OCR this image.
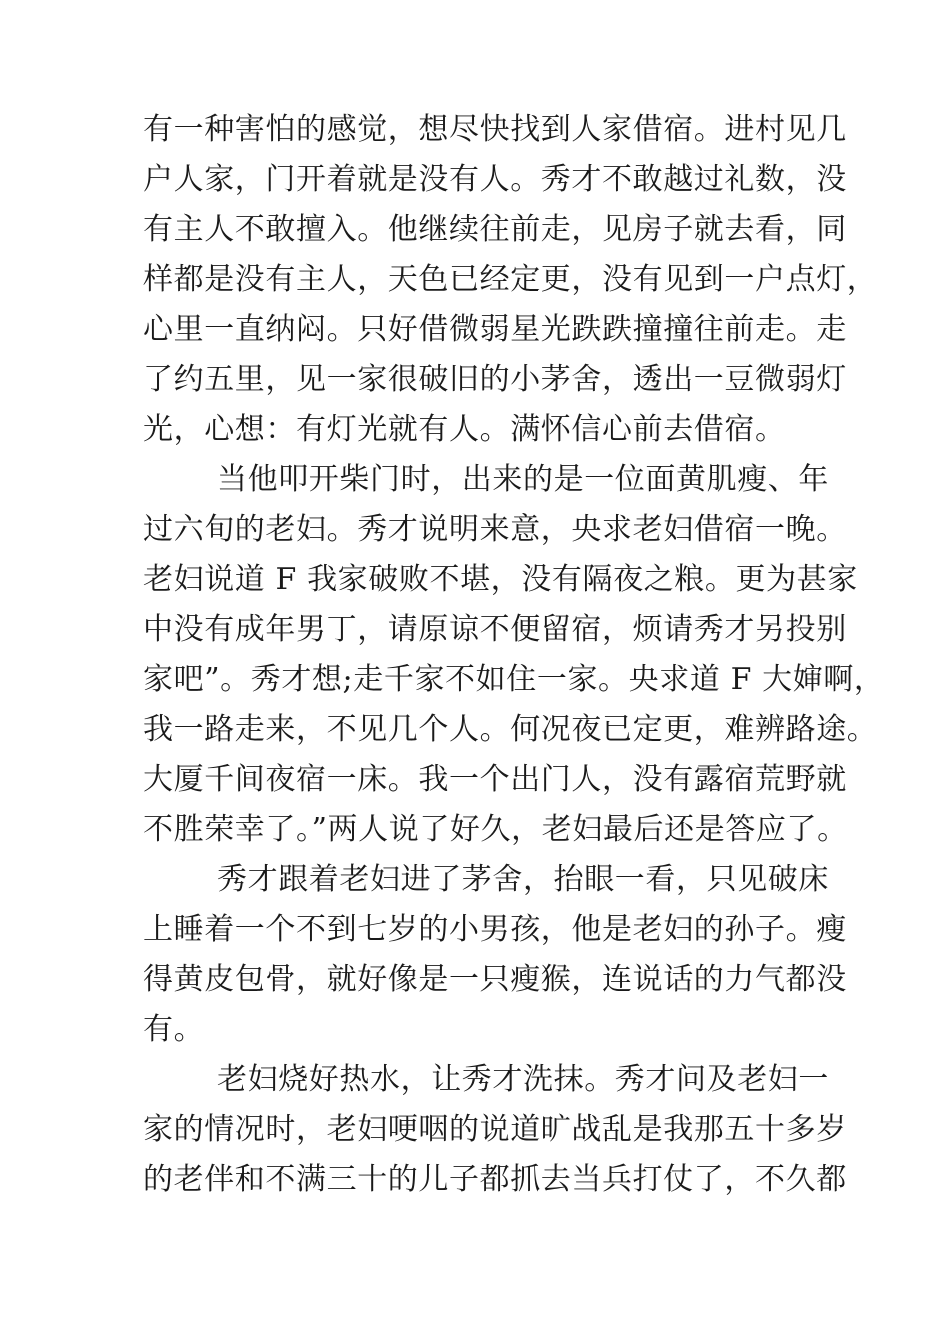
有一种害怕的感觉，想尽快找到人家借宿。进村见几
户人家，门开着就是没有人。秀才不敢越过礼数，没
有主人不敢擅入。他继续往前走，见房子就去看，同
样都是没有主人，天色已经定更，没有见到一户点灯，
心里一直纳闷。只好借微弱星光跌跌撞撞往前走。走
了约五里，见一家很破旧的小茅舍，透出一豆微弱灯
光，心想：有灯光就有人。满怀信心前去借宿。
当他叩开柴门时，出来的是一位面黄肌瘦、年
过六旬的老妇。秀才说明来意，央求老妇借宿一晚。
老妇说道 F 我家破败不堪，没有隔夜之粮。更为甚家
中没有成年男丁，请原谅不便留宿，烦请秀才另投别
家吧”。秀才想;走千家不如住一家。央求道 F 大婶啊，
我一路走来，不见几个人。何况夜已定更，难辨路途。
大厦千间夜宿一床。我一个出门人，没有露宿荒野就
不胜荣幸了。”两人说了好久，老妇最后还是答应了。
秀才跟着老妇进了茅舍，抬眼一看，只见破床
上睡着一个不到七岁的小男孩，他是老妇的孙子。瘦
得黄皮包骨，就好像是一只瘦猴，连说话的力气都没
有。
老妇烧好热水，让秀才洗抹。秀才问及老妇一
家的情况时，老妇哽咽的说道旷战乱是我那五十多岁
的老伴和不满三十的儿子都抓去当兵打仗了，不久都
